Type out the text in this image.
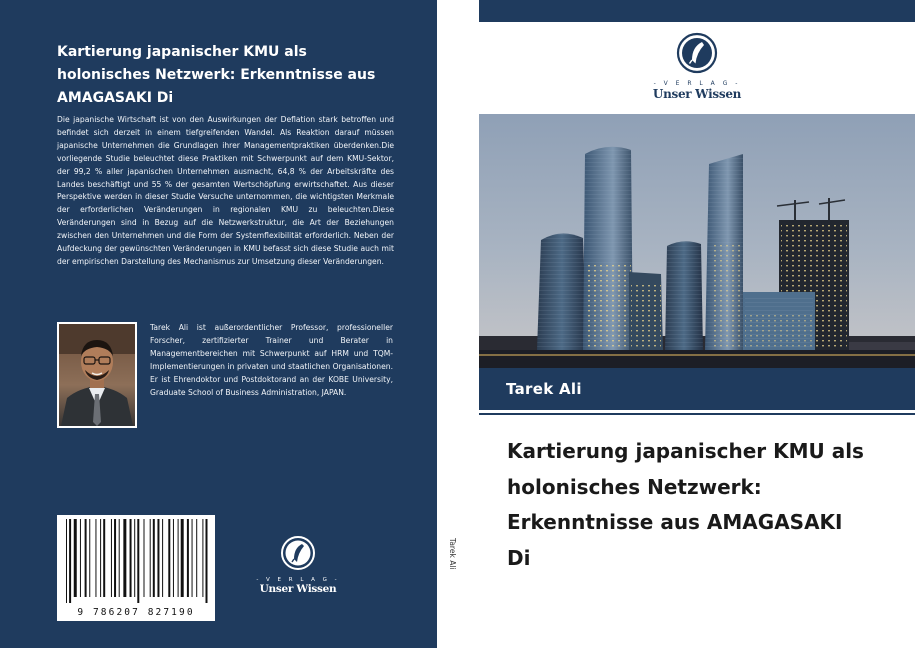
Kartierung japanischer KMU als
holonisches Netzwerk: Erkenntnisse aus
AMAGASAKI Di

Die japanische Wirtschaft ist von den Auswirkungen der Deflation stark betroffen und befindet sich derzeit in einem tiefgreifenden Wandel. Als Reaktion darauf müssen japanische Unternehmen die Grundlagen ihrer Managementpraktiken überdenken.Die vorliegende Studie beleuchtet diese Praktiken mit Schwerpunkt auf dem KMU-Sektor, der 99,2 % aller japanischen Unternehmen ausmacht, 64,8 % der Arbeitskräfte des Landes beschäftigt und 55 % der gesamten Wertschöpfung erwirtschaftet. Aus dieser Perspektive werden in dieser Studie Versuche unternommen, die wichtigsten Merkmale der erforderlichen Veränderungen in regionalen KMU zu beleuchten.Diese Veränderungen sind in Bezug auf die Netzwerkstruktur, die Art der Beziehungen zwischen den Unternehmen und die Form der Systemflexibilität erforderlich. Neben der Aufdeckung der gewünschten Veränderungen in KMU befasst sich diese Studie auch mit der empirischen Darstellung des Mechanismus zur Umsetzung dieser Veränderungen.

Tarek Ali ist außerordentlicher Professor, professioneller Forscher, zertifizierter Trainer und Berater in Managementbereichen mit Schwerpunkt auf HRM und TQM-Implementierungen in privaten und staatlichen Organisationen. Er ist Ehrendoktor und Postdoktorand an der KOBE University, Graduate School of Business Administration, JAPAN.

9 786207 827190
- V E R L A G -
Unser Wissen
Tarek Ali
- V E R L A G -
Unser Wissen
Tarek Ali
Kartierung japanischer KMU als
holonisches Netzwerk:
Erkenntnisse aus AMAGASAKI
Di
